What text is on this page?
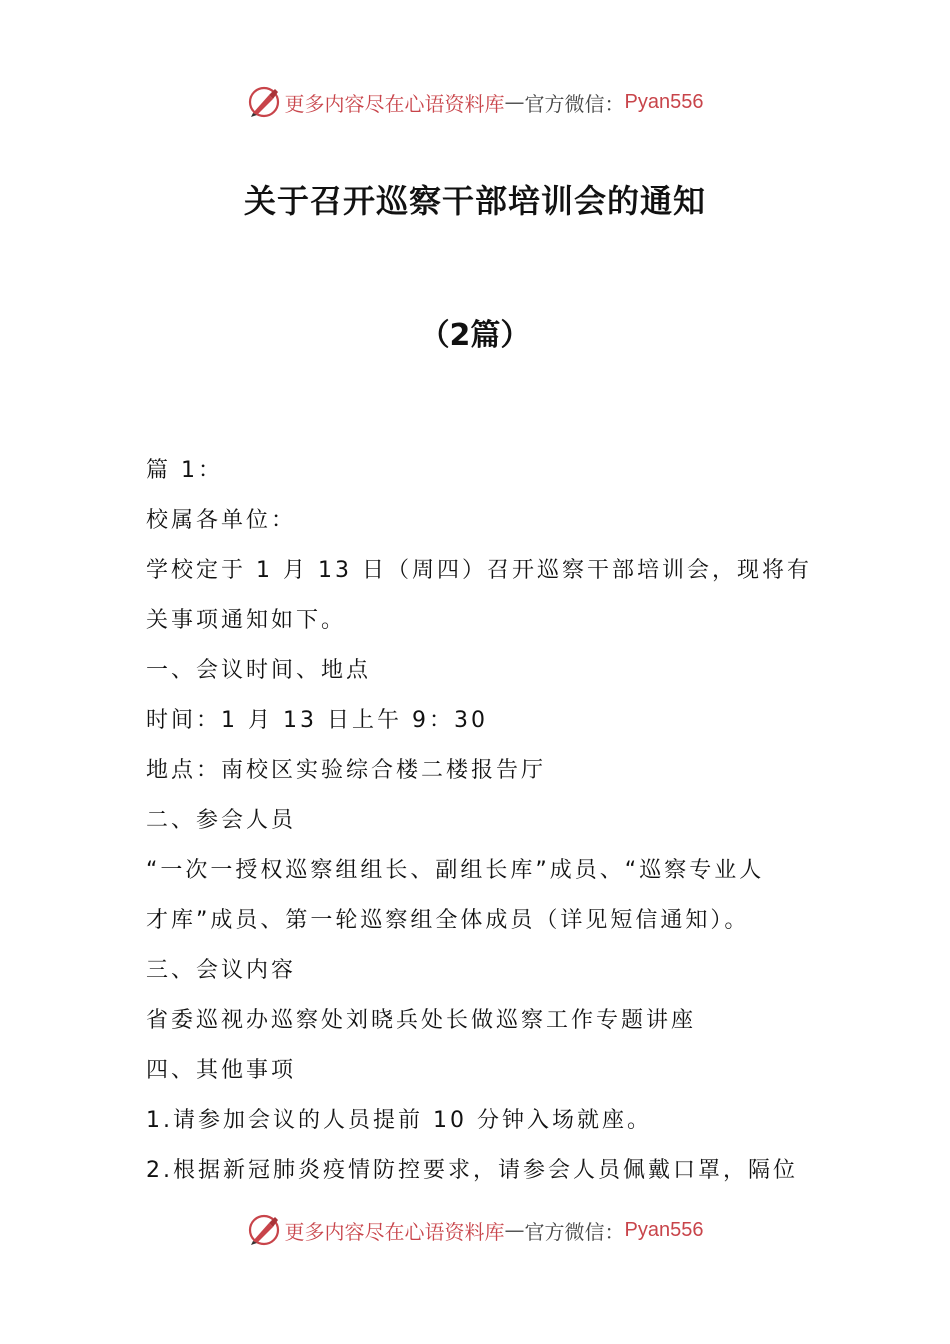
更多内容尽在心语资料库 — 官方微信： Pyan556
关于召开巡察干部培训会的通知
（2篇）
篇 1：
校属各单位：
学校定于 1 月 13 日（周四）召开巡察干部培训会，现将有
关事项通知如下。
一、会议时间、地点
时间：1 月 13 日上午 9：30
地点：南校区实验综合楼二楼报告厅
二、参会人员
“一次一授权巡察组组长、副组长库”成员、“巡察专业人
才库”成员、第一轮巡察组全体成员（详见短信通知）。
三、会议内容
省委巡视办巡察处刘晓兵处长做巡察工作专题讲座
四、其他事项
1.请参加会议的人员提前 10 分钟入场就座。
2.根据新冠肺炎疫情防控要求，请参会人员佩戴口罩，隔位
更多内容尽在心语资料库 — 官方微信： Pyan556
